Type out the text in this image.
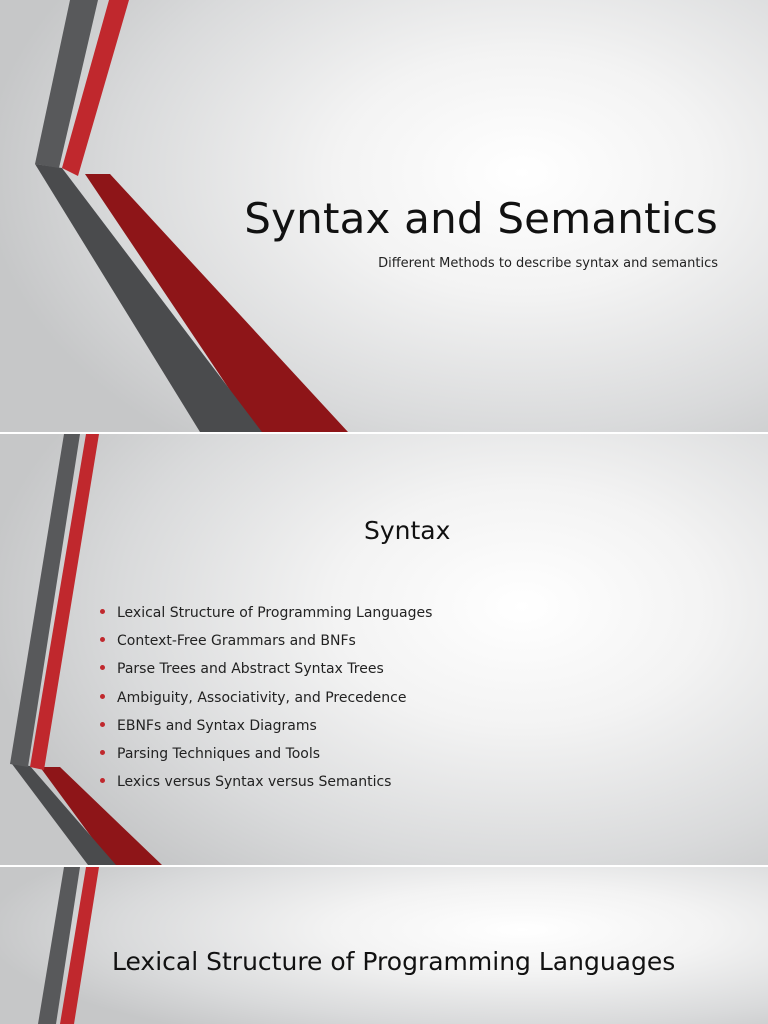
Syntax and Semantics
Different Methods to describe syntax and semantics
Syntax
Lexical Structure of Programming Languages
Context-Free Grammars and BNFs
Parse Trees and Abstract Syntax Trees
Ambiguity, Associativity, and Precedence
EBNFs and Syntax Diagrams
Parsing Techniques and Tools
Lexics versus Syntax versus Semantics
Lexical Structure of Programming Languages
